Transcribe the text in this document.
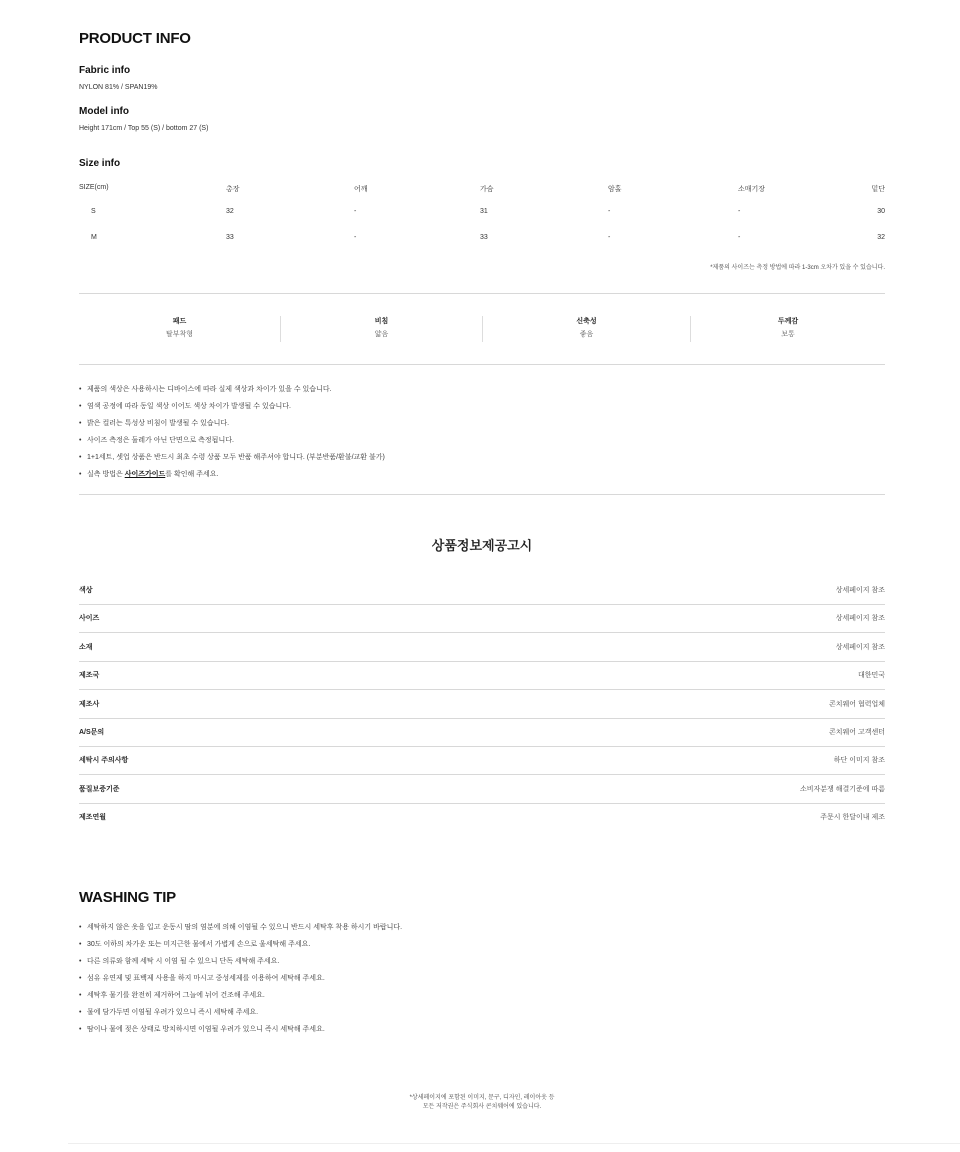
PRODUCT INFO
Fabric info
NYLON 81% / SPAN19%
Model info
Height 171cm / Top 55 (S) / bottom 27 (S)
Size info
SIZE(cm)	총장	어깨	가슴	암홀	소매기장	밑단
S	32	-	31	-	-	30
M	33	-	33	-	-	32
*제품의 사이즈는 측정 방법에 따라 1-3cm 오차가 있을 수 있습니다.
패드
탈부착형
비침
얇음
신축성
좋음
두께감
보통
• 제품의 색상은 사용하시는 디바이스에 따라 실제 색상과 차이가 있을 수 있습니다.
• 염색 공정에 따라 동일 색상 이어도 색상 차이가 발생될 수 있습니다.
• 밝은 컬러는 특성상 비침이 발생될 수 있습니다.
• 사이즈 측정은 둘레가 아닌 단면으로 측정됩니다.
• 1+1세트, 셋업 상품은 반드시 최초 수령 상품 모두 반품 해주셔야 합니다. (부분반품/환불/교환 불가)
• 실측 방법은 사이즈가이드를 확인해 주세요.
상품정보제공고시
색상	상세페이지 참조
사이즈	상세페이지 참조
소재	상세페이지 참조
제조국	대한민국
제조사	콘치웨어 협력업체
A/S문의	콘치웨어 고객센터
세탁시 주의사항	하단 이미지 참조
품질보증기준	소비자분쟁 해결기준에 따름
제조연월	주문시 한달이내 제조
WASHING TIP
• 세탁하지 않은 옷을 입고 운동시 땀의 염분에 의해 이염될 수 있으니 반드시 세탁후 착용 하시기 바랍니다.
• 30도 이하의 차가운 또는 미지근한 물에서 가볍게 손으로 울세탁해 주세요.
• 다른 의류와 함께 세탁 시 이염 될 수 있으니 단독 세탁해 주세요.
• 섬유 유연제 및 표백제 사용을 하지 마시고 중성세제를 이용하여 세탁해 주세요.
• 세탁후 물기를 완전히 제거하여 그늘에 뉘어 건조해 주세요.
• 물에 담가두면 이염될 우려가 있으니 즉시 세탁해 주세요.
• 땀이나 물에 젖은 상태로 방치하시면 이염될 우려가 있으니 즉시 세탁해 주세요.
*상세페이지에 포함된 이미지, 문구, 디자인, 레이아웃 등
모든 저작권은 주식회사 콘치웨어에 있습니다.
